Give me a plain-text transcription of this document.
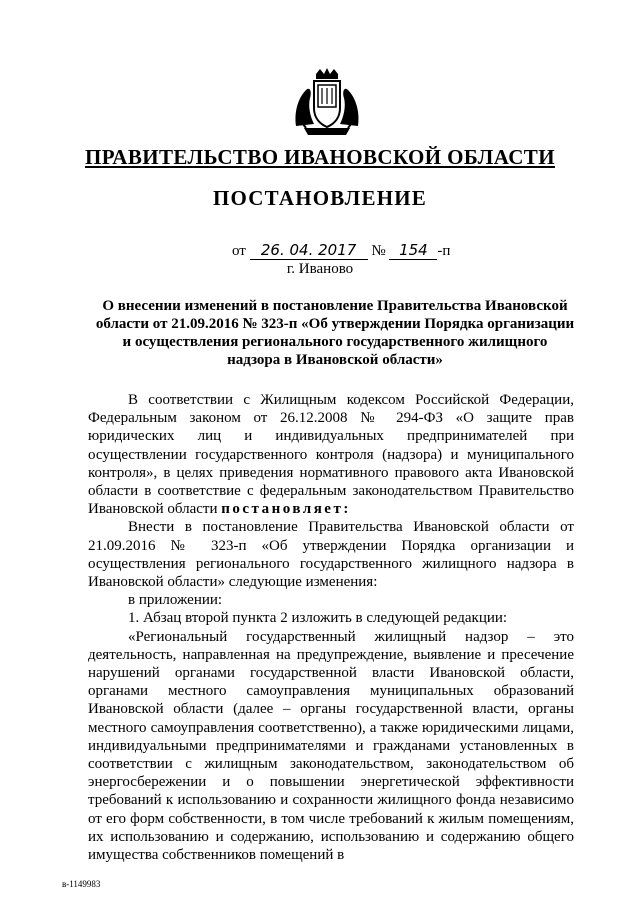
ПРАВИТЕЛЬСТВО ИВАНОВСКОЙ ОБЛАСТИ
ПОСТАНОВЛЕНИЕ
от 26. 04. 2017 № 154 -п
г. Иваново
О внесении изменений в постановление Правительства Ивановской области от 21.09.2016 № 323-п «Об утверждении Порядка организации и осуществления регионального государственного жилищного надзора в Ивановской области»

В соответствии с Жилищным кодексом Российской Федерации, Федеральным законом от 26.12.2008 № 294-ФЗ «О защите прав юридических лиц и индивидуальных предпринимателей при осуществлении государственного контроля (надзора) и муниципального контроля», в целях приведения нормативного правового акта Ивановской области в соответствие с федеральным законодательством Правительство Ивановской области постановляет:

Внести в постановление Правительства Ивановской области от 21.09.2016 № 323-п «Об утверждении Порядка организации и осуществления регионального государственного жилищного надзора в Ивановской области» следующие изменения:

в приложении:

1. Абзац второй пункта 2 изложить в следующей редакции:

«Региональный государственный жилищный надзор – это деятельность, направленная на предупреждение, выявление и пресечение нарушений органами государственной власти Ивановской области, органами местного самоуправления муниципальных образований Ивановской области (далее – органы государственной власти, органы местного самоуправления соответственно), а также юридическими лицами, индивидуальными предпринимателями и гражданами установленных в соответствии с жилищным законодательством, законодательством об энергосбережении и о повышении энергетической эффективности требований к использованию и сохранности жилищного фонда независимо от его форм собственности, в том числе требований к жилым помещениям, их использованию и содержанию, использованию и содержанию общего имущества собственников помещений в

в-1149983
